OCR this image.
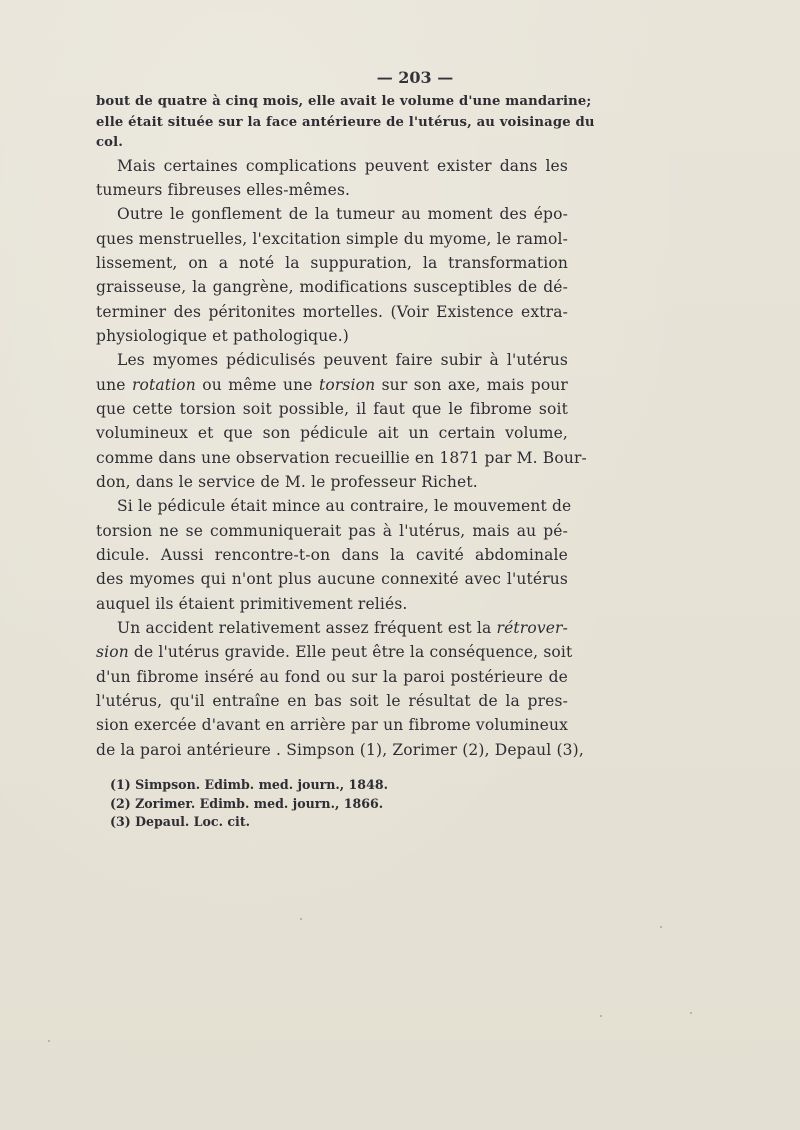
— 203 —
bout de quatre à cinq mois, elle avait le volume d'une mandarine;
elle était située sur la face antérieure de l'utérus, au voisinage du
col.
Mais certaines complications peuvent exister dans les
tumeurs fibreuses elles-mêmes.
Outre le gonflement de la tumeur au moment des épo-
ques menstruelles, l'excitation simple du myome, le ramol-
lissement, on a noté la suppuration, la transformation
graisseuse, la gangrène, modifications susceptibles de dé-
terminer des péritonites mortelles. (Voir Existence extra-
physiologique et pathologique.)
Les myomes pédiculisés peuvent faire subir à l'utérus
une rotation ou même une torsion sur son axe, mais pour
que cette torsion soit possible, il faut que le fibrome soit
volumineux et que son pédicule ait un certain volume,
comme dans une observation recueillie en 1871 par M. Bour-
don, dans le service de M. le professeur Richet.
Si le pédicule était mince au contraire, le mouvement de
torsion ne se communiquerait pas à l'utérus, mais au pé-
dicule. Aussi rencontre-t-on dans la cavité abdominale
des myomes qui n'ont plus aucune connexité avec l'utérus
auquel ils étaient primitivement reliés.
Un accident relativement assez fréquent est la rétrover-
sion de l'utérus gravide. Elle peut être la conséquence, soit
d'un fibrome inséré au fond ou sur la paroi postérieure de
l'utérus, qu'il entraîne en bas soit le résultat de la pres-
sion exercée d'avant en arrière par un fibrome volumineux
de la paroi antérieure . Simpson (1), Zorimer (2), Depaul (3),
(1) Simpson. Edimb. med. journ., 1848.
(2) Zorimer. Edimb. med. journ., 1866.
(3) Depaul. Loc. cit.
